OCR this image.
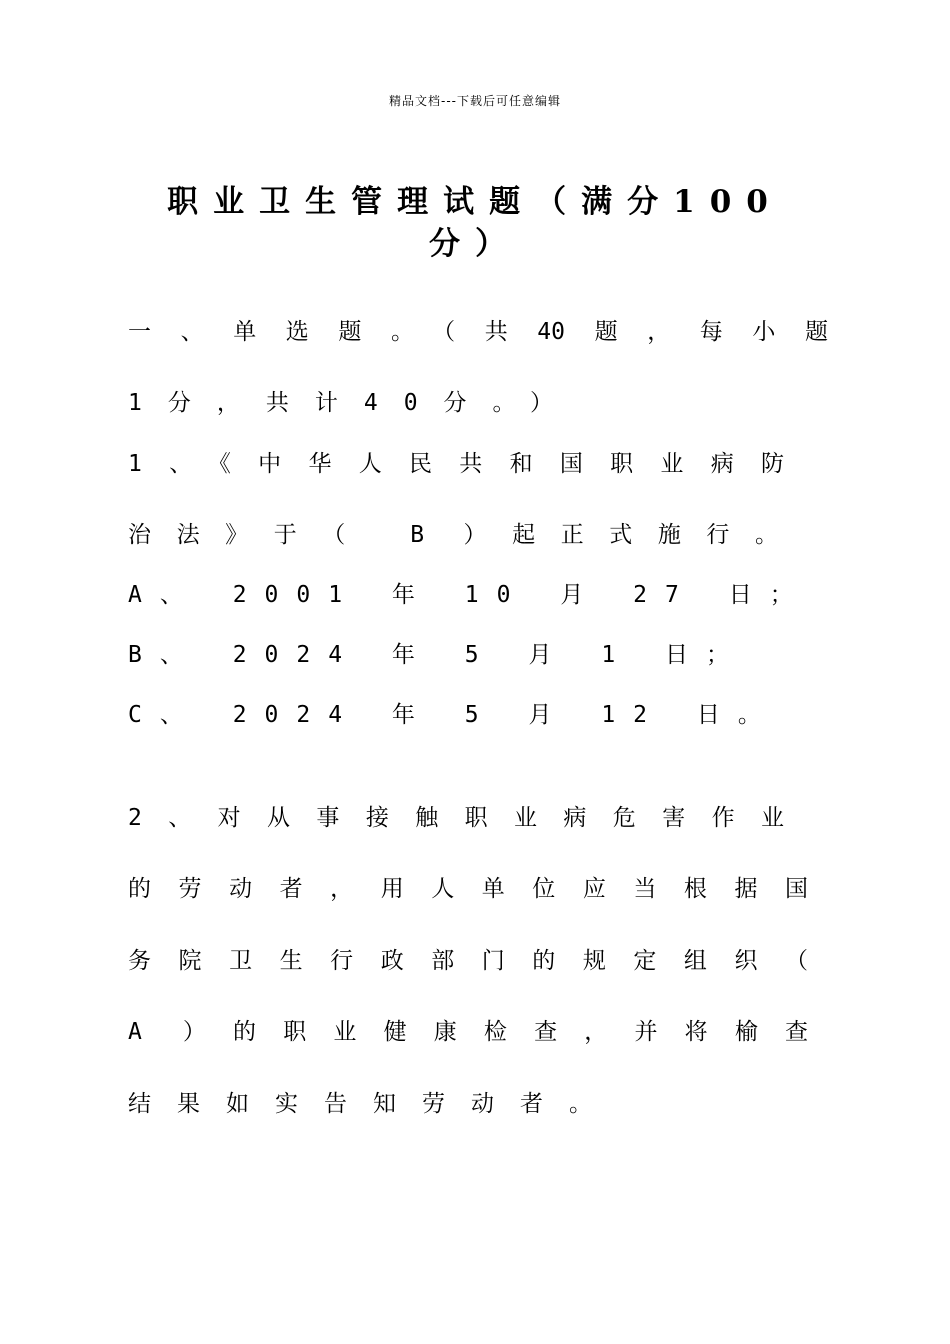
精品文档---下载后可任意编辑
职业卫生管理试题（满分100
分）
一、单选题。（共40题，每小题
1分，共计40分。）
1、《中华人民共和国职业病防
治法》于（ B ）起正式施行。
A、 2001 年 10 月 27 日；
B、 2024 年 5 月 1 日；
C、 2024 年 5 月 12 日。
2、对从事接触职业病危害作业
的劳动者，用人单位应当根据国
务院卫生行政部门的规定组织（
A ）的职业健康检查，并将榆查
结果如实告知劳动者。
